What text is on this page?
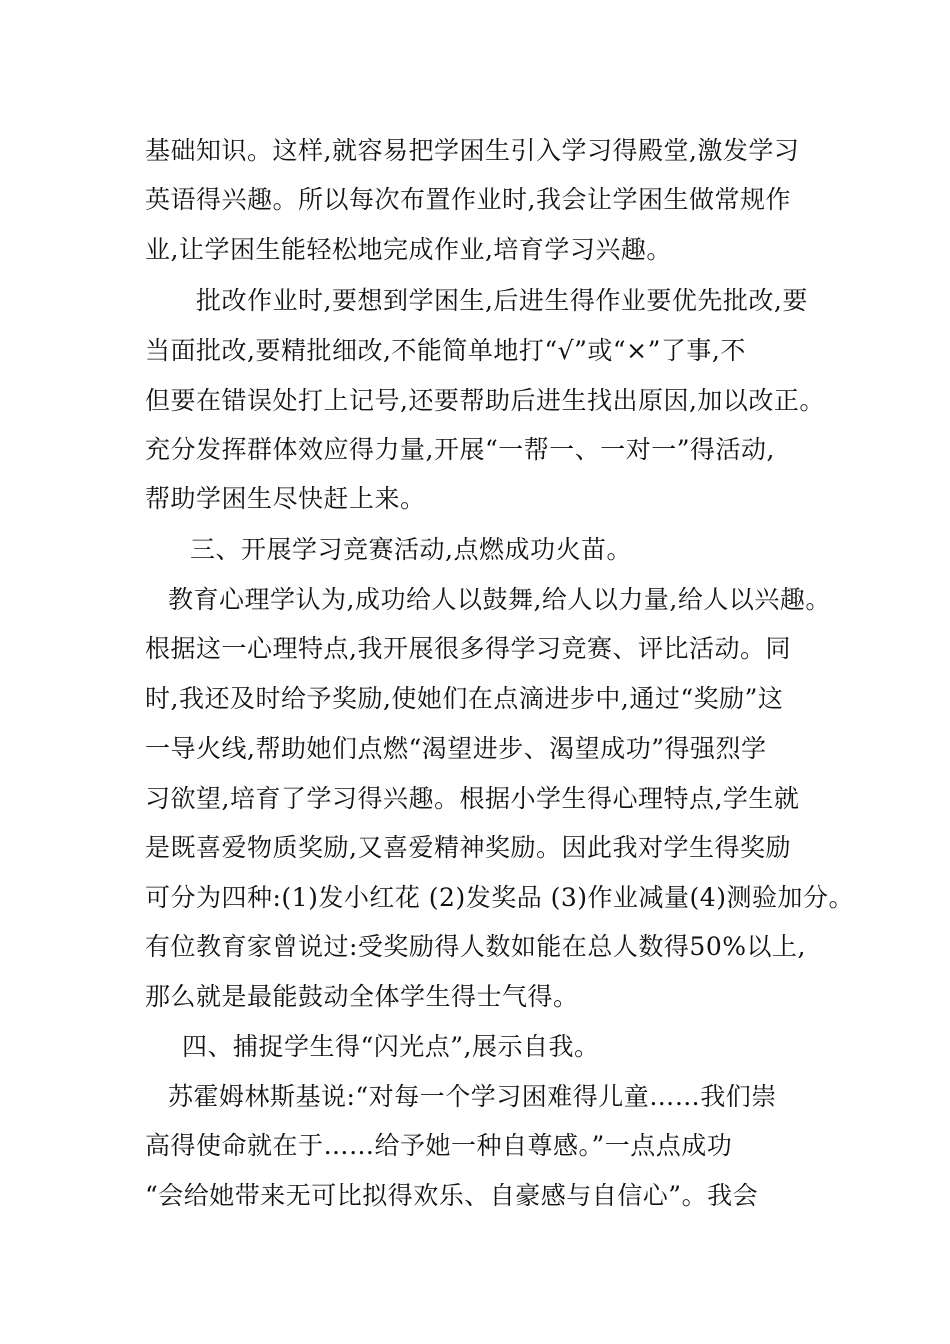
基础知识。这样,就容易把学困生引入学习得殿堂,激发学习
英语得兴趣。所以每次布置作业时,我会让学困生做常规作
业,让学困生能轻松地完成作业,培育学习兴趣。
批改作业时,要想到学困生,后进生得作业要优先批改,要
当面批改,要精批细改,不能简单地打“√”或“×”了事,不
但要在错误处打上记号,还要帮助后进生找出原因,加以改正。
充分发挥群体效应得力量,开展“一帮一、一对一”得活动,
帮助学困生尽快赶上来。
三、开展学习竞赛活动,点燃成功火苗。
教育心理学认为,成功给人以鼓舞,给人以力量,给人以兴趣。
根据这一心理特点,我开展很多得学习竞赛、评比活动。同
时,我还及时给予奖励,使她们在点滴进步中,通过“奖励”这
一导火线,帮助她们点燃“渴望进步、渴望成功”得强烈学
习欲望,培育了学习得兴趣。根据小学生得心理特点,学生就
是既喜爱物质奖励,又喜爱精神奖励。因此我对学生得奖励
可分为四种:(1)发小红花 (2)发奖品 (3)作业减量(4)测验加分。
有位教育家曾说过:受奖励得人数如能在总人数得50%以上,
那么就是最能鼓动全体学生得士气得。
四、捕捉学生得“闪光点”,展示自我。
苏霍姆林斯基说:“对每一个学习困难得儿童……我们崇
高得使命就在于……给予她一种自尊感。”一点点成功
“会给她带来无可比拟得欢乐、自豪感与自信心”。我会
